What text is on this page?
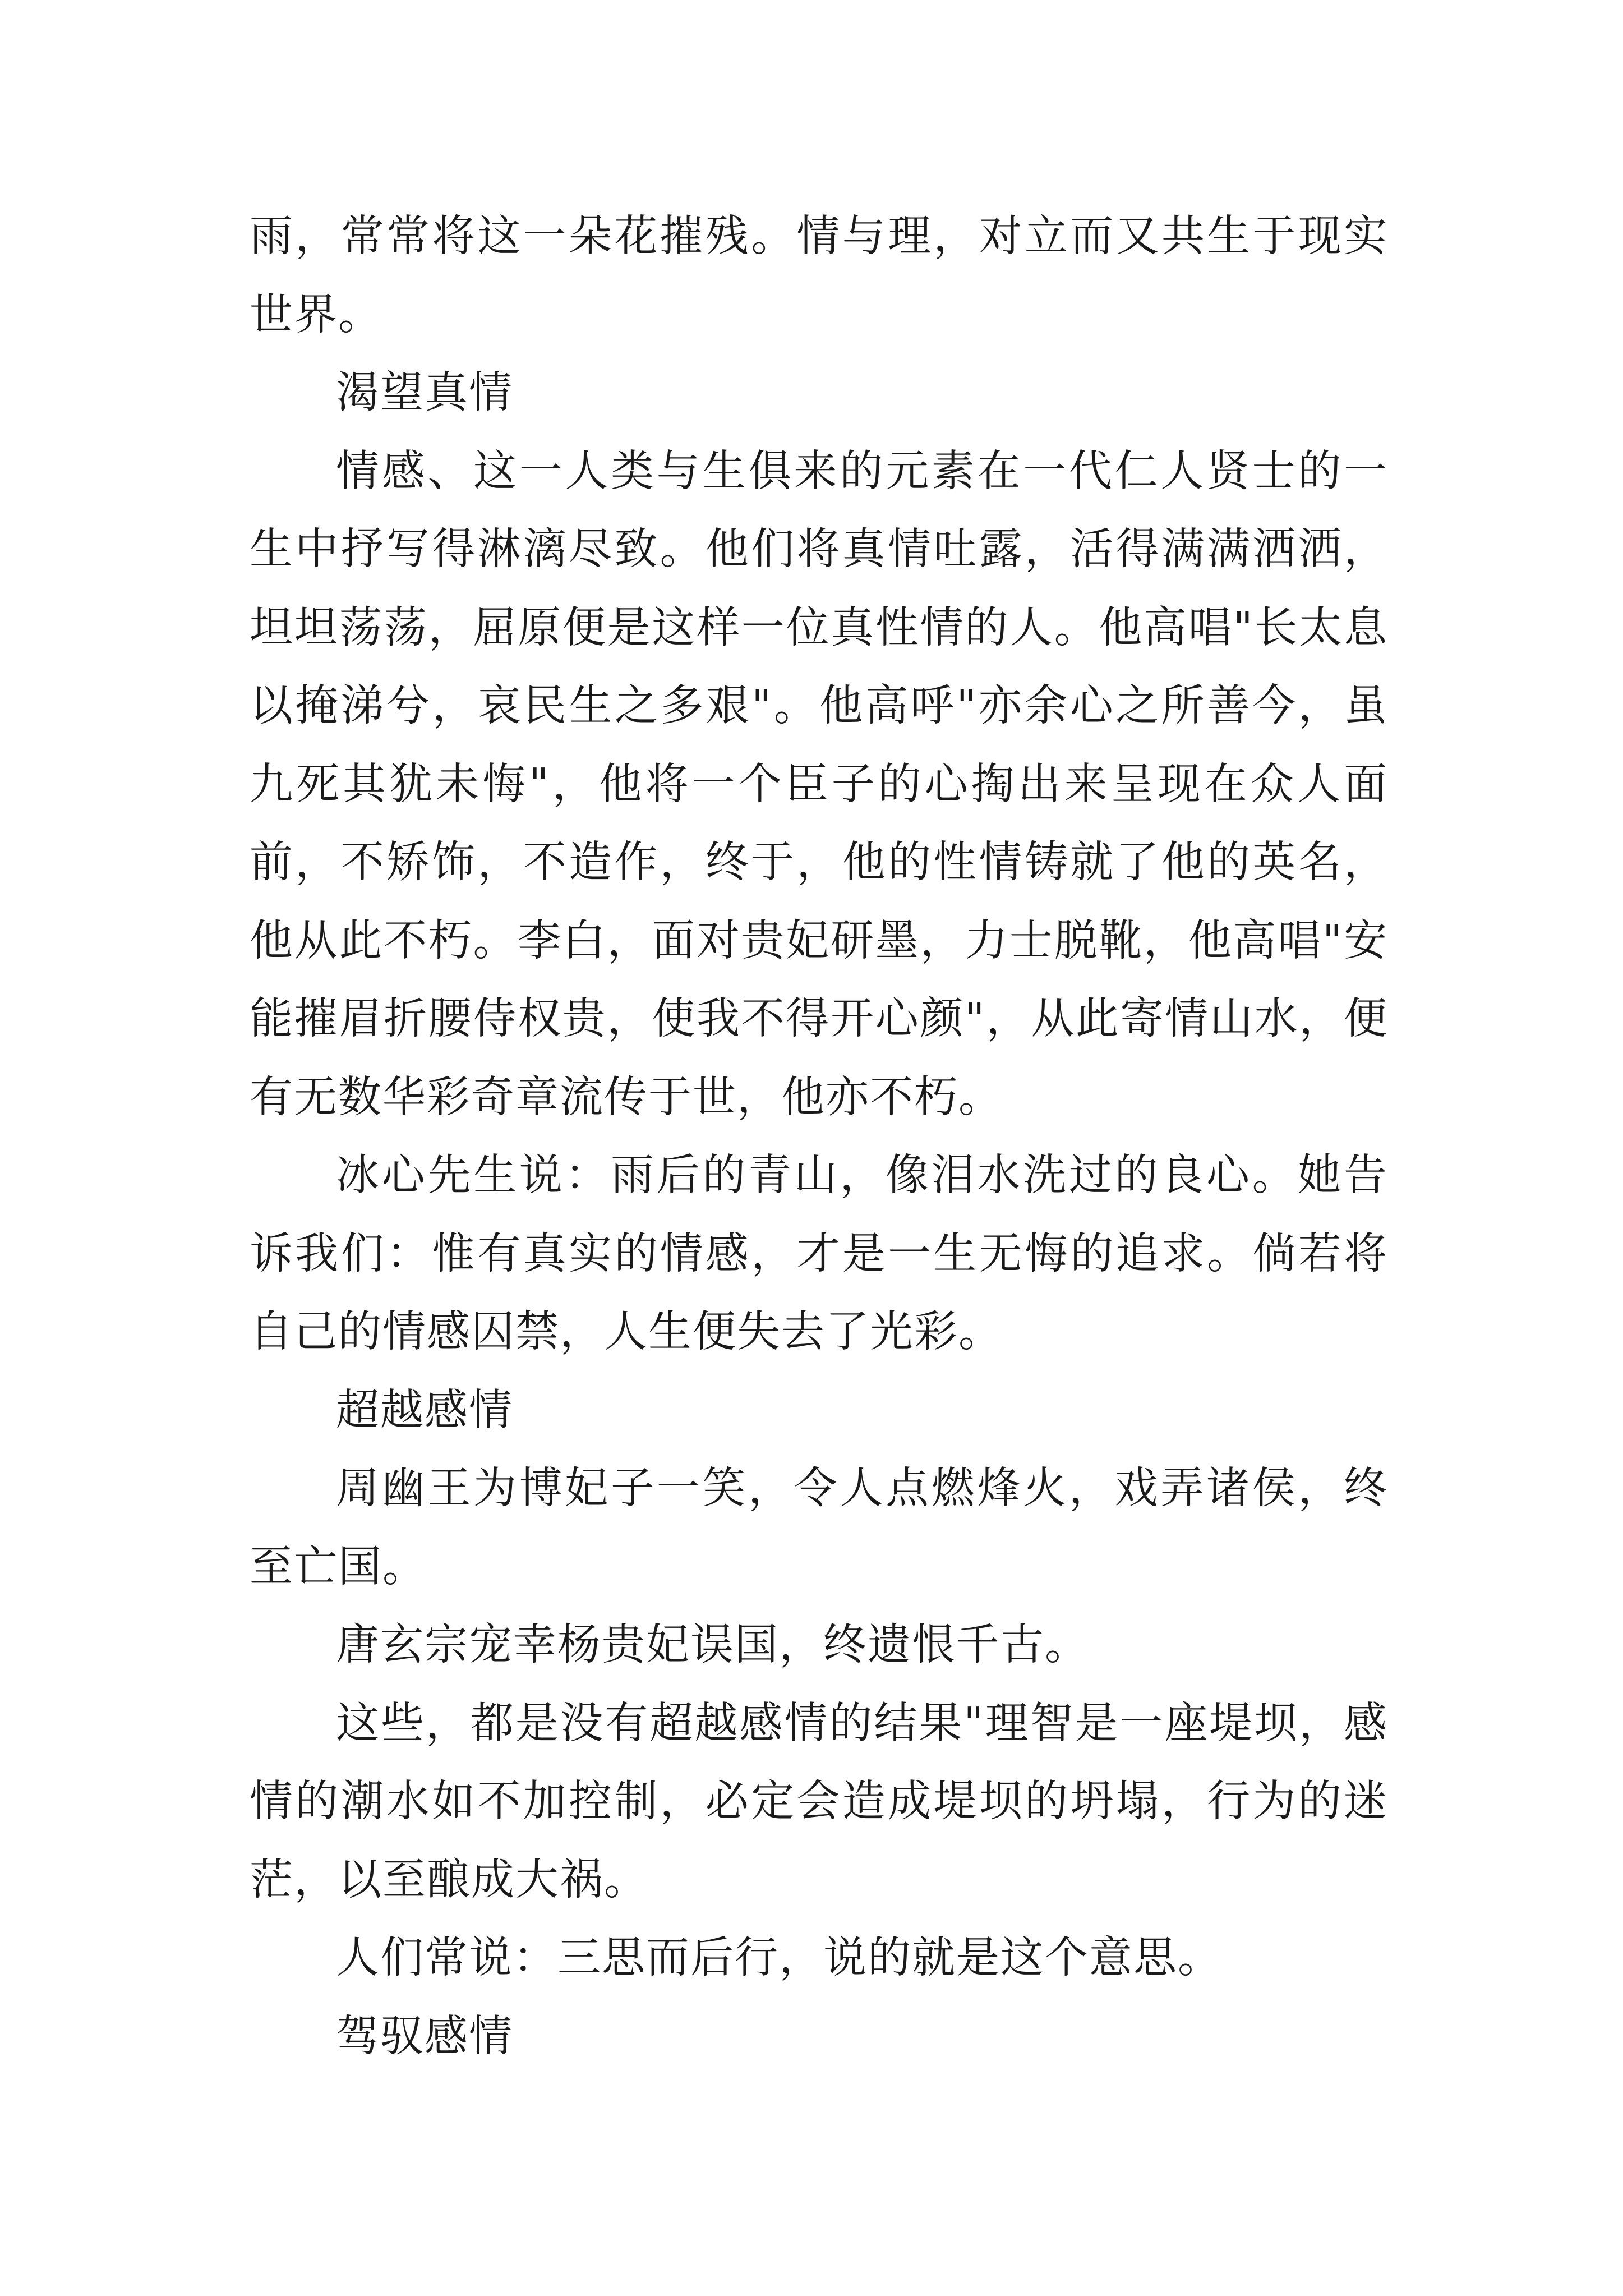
雨，常常将这一朵花摧残。情与理，对立而又共生于现实世界。

渴望真情

情感、这一人类与生俱来的元素在一代仁人贤士的一生中抒写得淋漓尽致。他们将真情吐露，活得满满洒洒，坦坦荡荡，屈原便是这样一位真性情的人。他高唱"长太息以掩涕兮，哀民生之多艰"。他高呼"亦余心之所善今，虽九死其犹未悔"，他将一个臣子的心掏出来呈现在众人面前，不矫饰，不造作，终于，他的性情铸就了他的英名，他从此不朽。李白，面对贵妃研墨，力士脱靴，他高唱"安能摧眉折腰侍权贵，使我不得开心颜"，从此寄情山水，便有无数华彩奇章流传于世，他亦不朽。

冰心先生说：雨后的青山，像泪水洗过的良心。她告诉我们：惟有真实的情感，才是一生无悔的追求。倘若将自己的情感囚禁，人生便失去了光彩。

超越感情

周幽王为博妃子一笑，令人点燃烽火，戏弄诸侯，终至亡国。

唐玄宗宠幸杨贵妃误国，终遗恨千古。

这些，都是没有超越感情的结果"理智是一座堤坝，感情的潮水如不加控制，必定会造成堤坝的坍塌，行为的迷茫，以至酿成大祸。

人们常说：三思而后行，说的就是这个意思。

驾驭感情
